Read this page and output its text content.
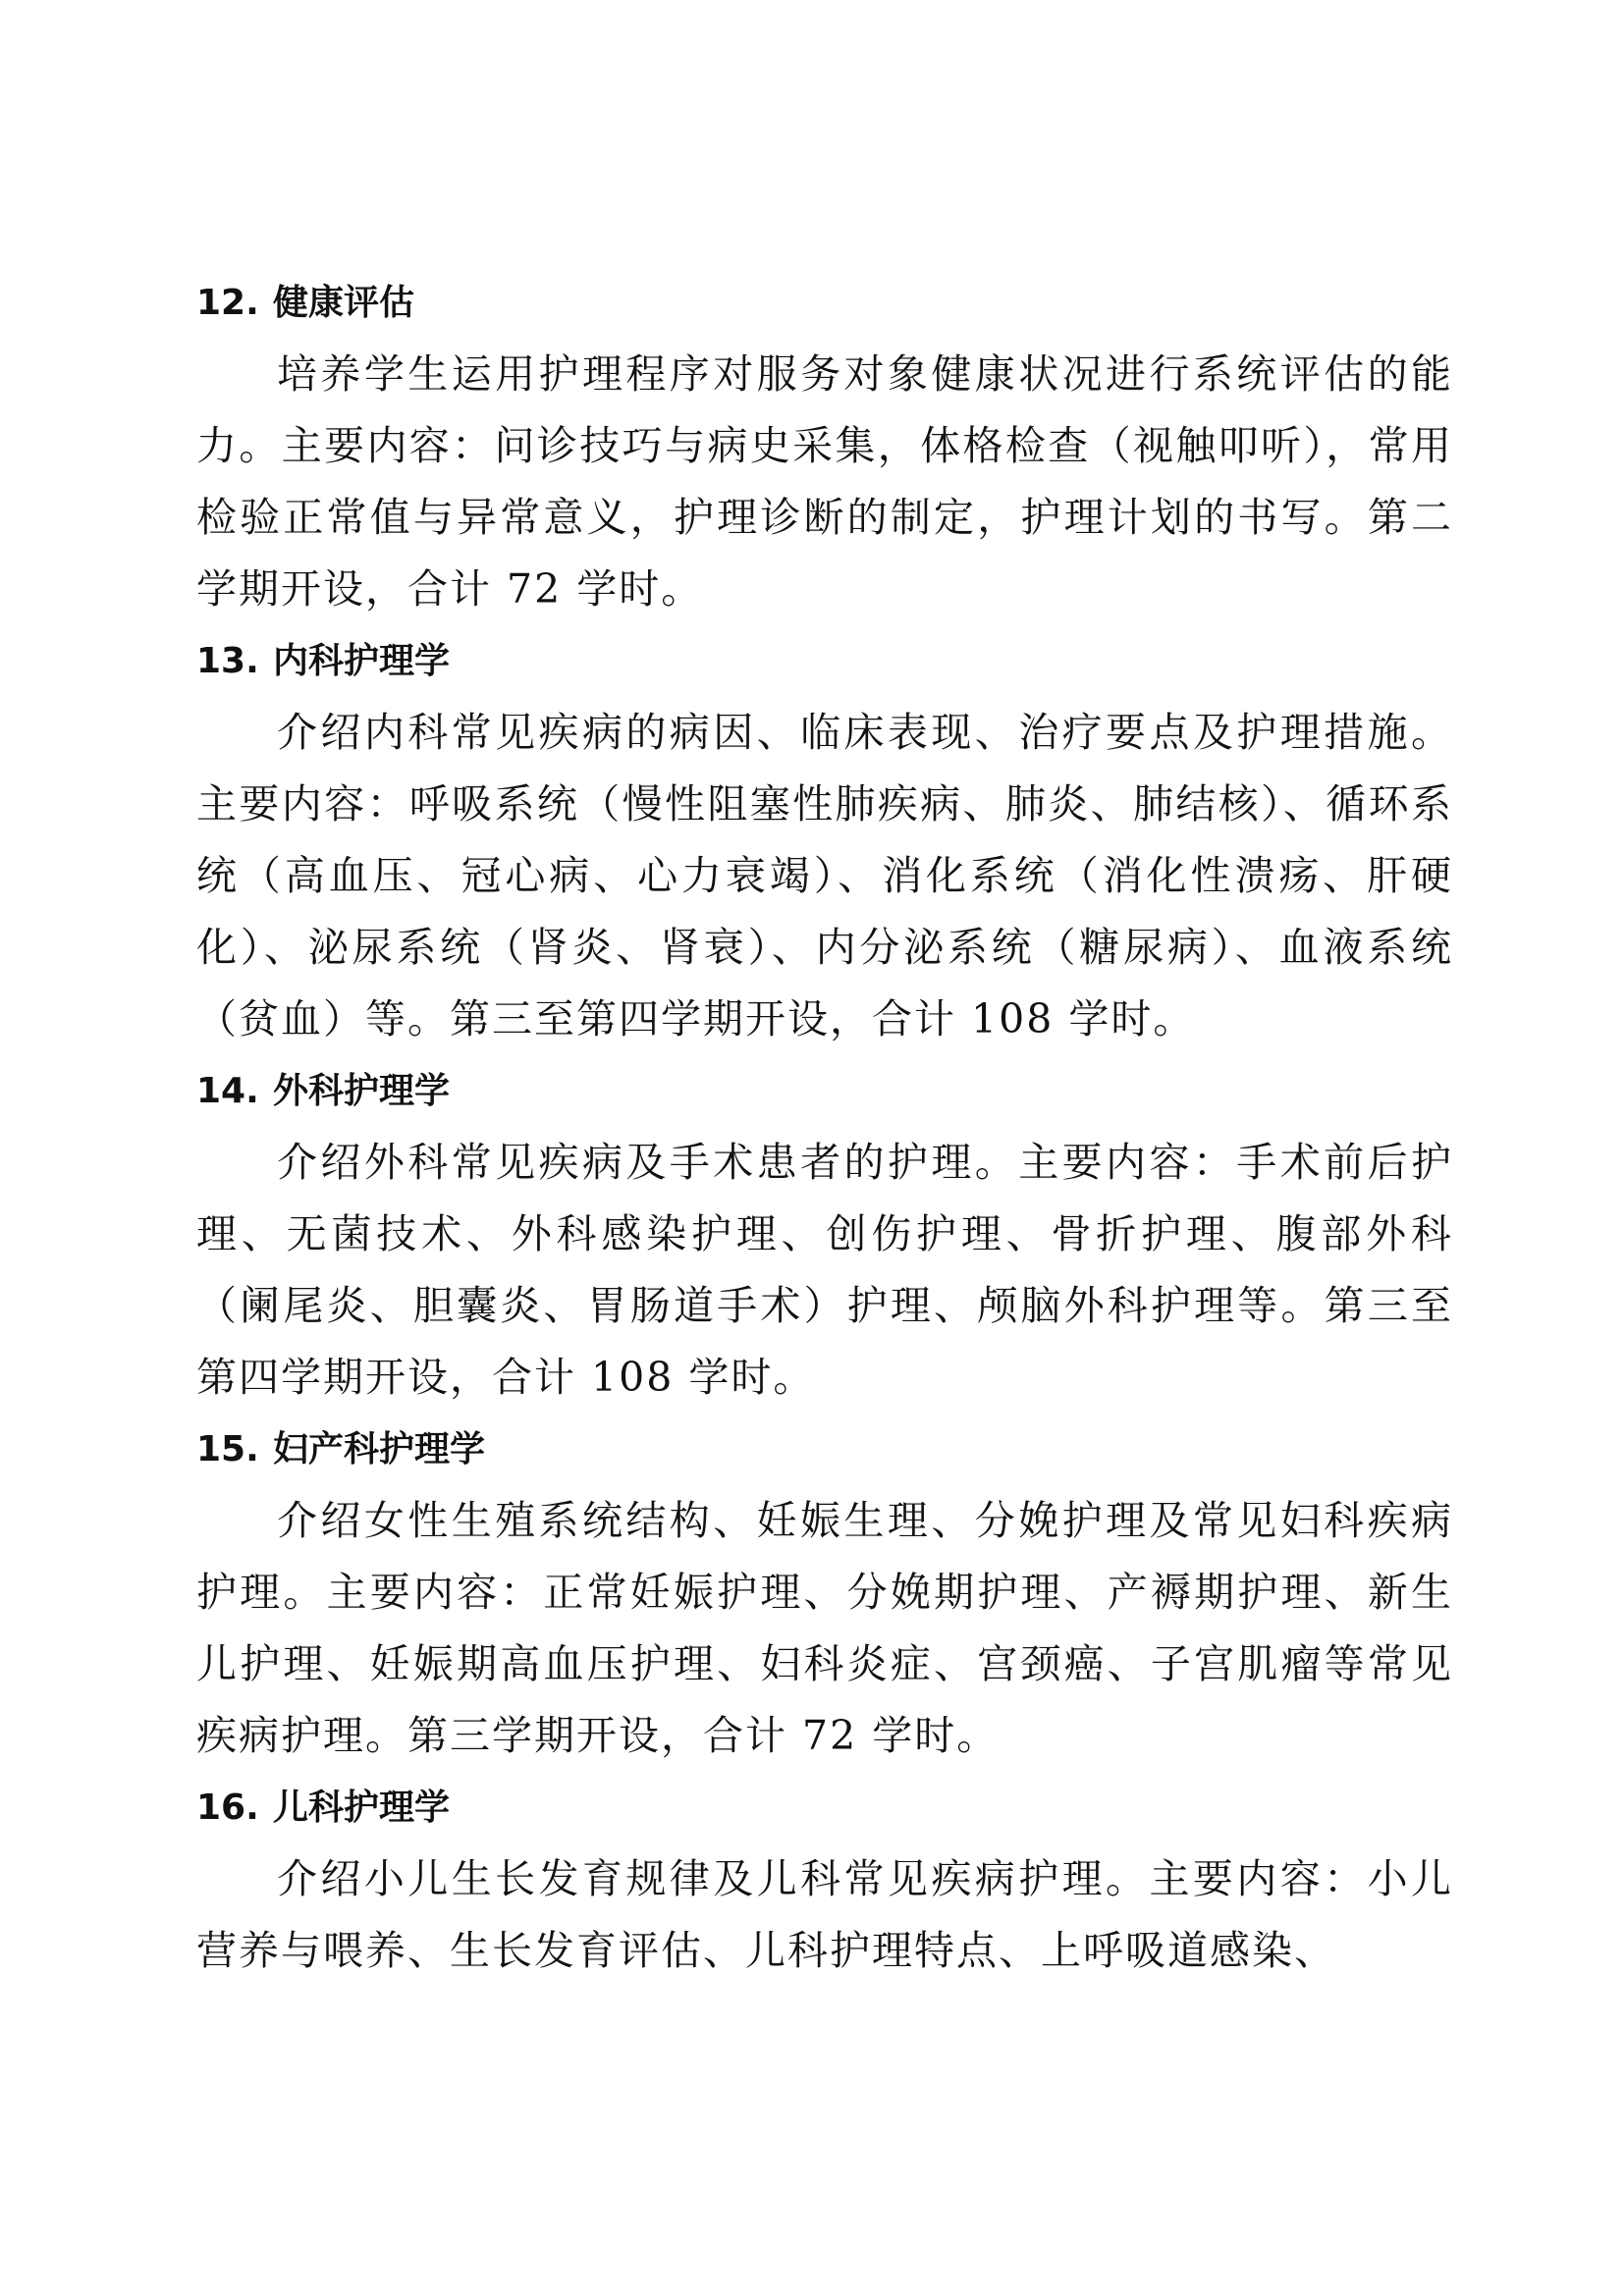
12. 健康评估

培养学生运用护理程序对服务对象健康状况进行系统评估的能力。主要内容：问诊技巧与病史采集，体格检查（视触叩听），常用检验正常值与异常意义，护理诊断的制定，护理计划的书写。第二学期开设，合计 72 学时。

13. 内科护理学

介绍内科常见疾病的病因、临床表现、治疗要点及护理措施。主要内容：呼吸系统（慢性阻塞性肺疾病、肺炎、肺结核）、循环系统（高血压、冠心病、心力衰竭）、消化系统（消化性溃疡、肝硬化）、泌尿系统（肾炎、肾衰）、内分泌系统（糖尿病）、血液系统（贫血）等。第三至第四学期开设，合计 108 学时。

14. 外科护理学

介绍外科常见疾病及手术患者的护理。主要内容：手术前后护理、无菌技术、外科感染护理、创伤护理、骨折护理、腹部外科（阑尾炎、胆囊炎、胃肠道手术）护理、颅脑外科护理等。第三至第四学期开设，合计 108 学时。

15. 妇产科护理学

介绍女性生殖系统结构、妊娠生理、分娩护理及常见妇科疾病护理。主要内容：正常妊娠护理、分娩期护理、产褥期护理、新生儿护理、妊娠期高血压护理、妇科炎症、宫颈癌、子宫肌瘤等常见疾病护理。第三学期开设，合计 72 学时。

16. 儿科护理学

介绍小儿生长发育规律及儿科常见疾病护理。主要内容：小儿营养与喂养、生长发育评估、儿科护理特点、上呼吸道感染、
